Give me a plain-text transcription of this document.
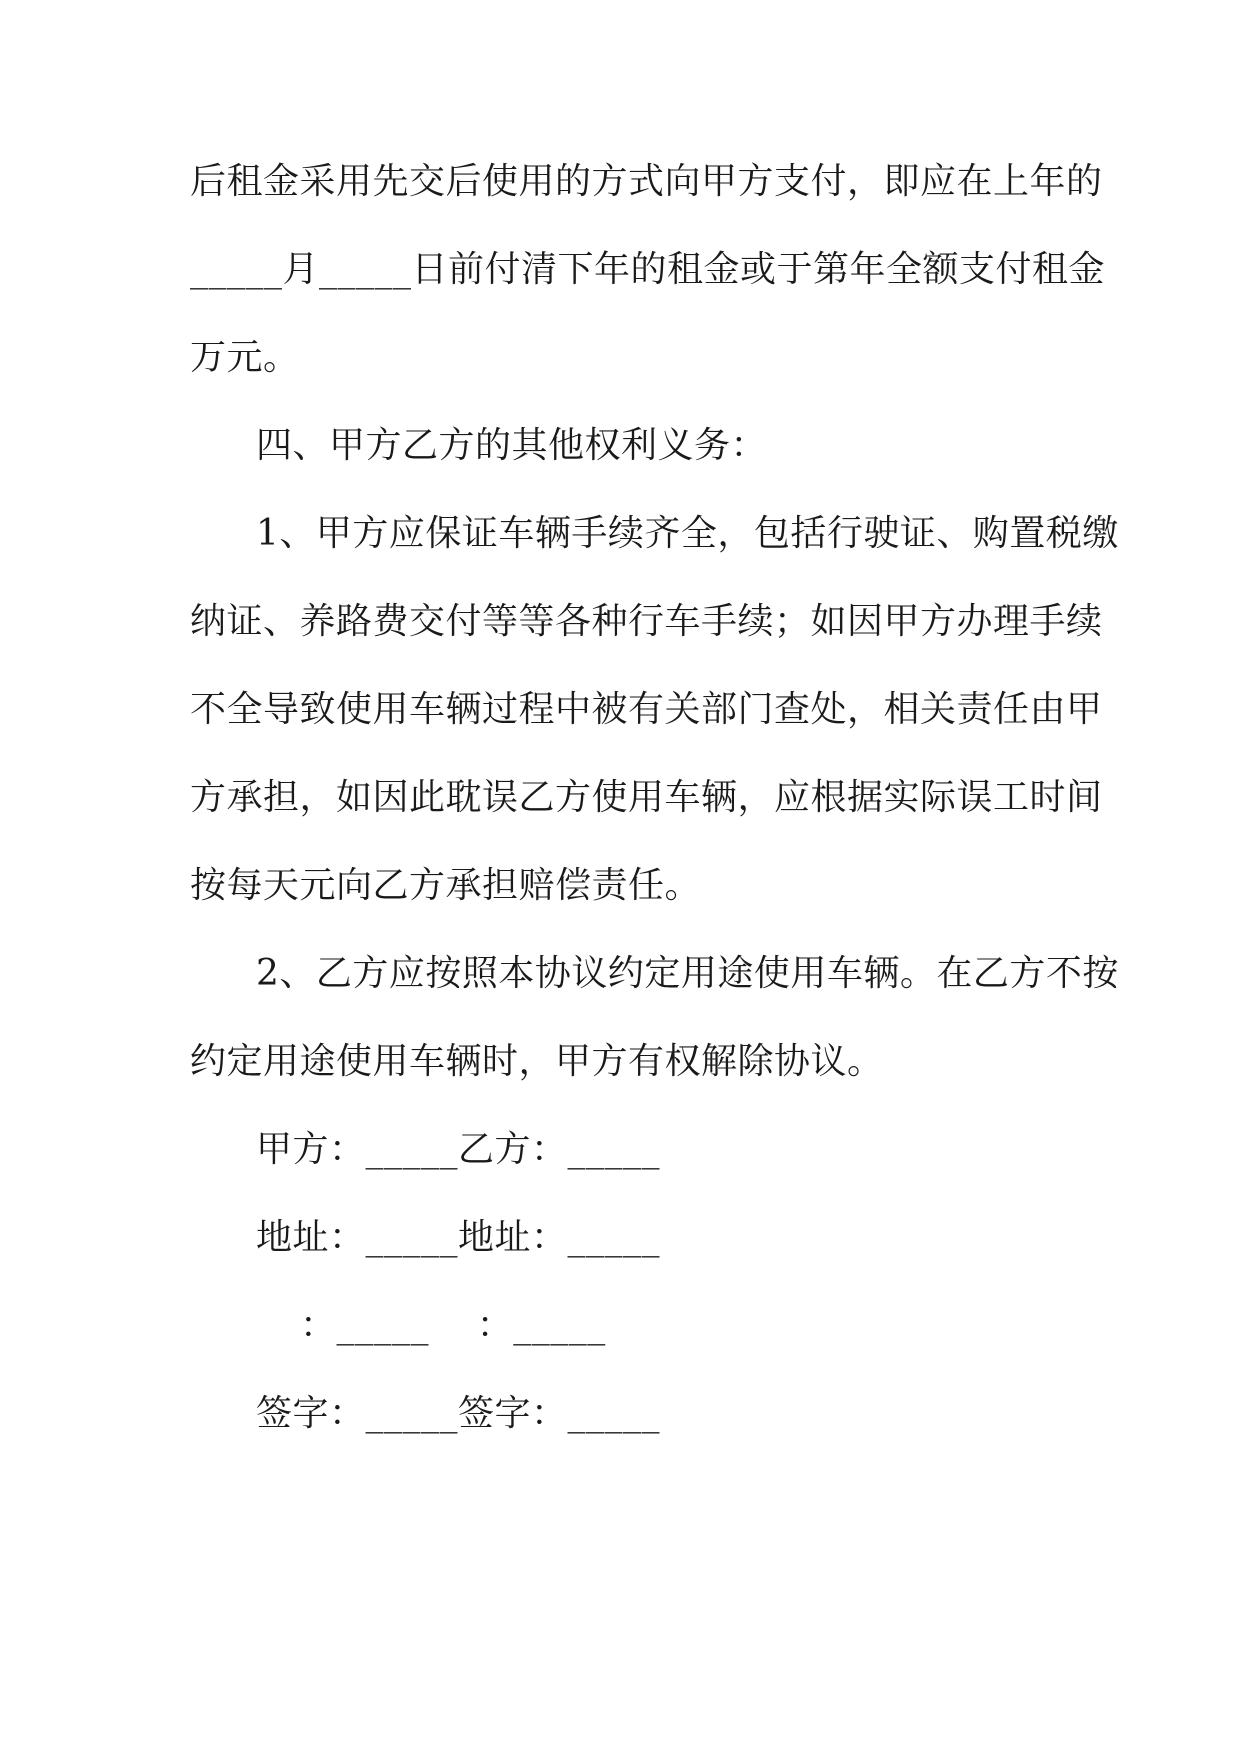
后租金采用先交后使用的方式向甲方支付，即应在上年的
_____月_____日前付清下年的租金或于第年全额支付租金
万元。
四、甲方乙方的其他权利义务：
1、甲方应保证车辆手续齐全，包括行驶证、购置税缴
纳证、养路费交付等等各种行车手续；如因甲方办理手续
不全导致使用车辆过程中被有关部门查处，相关责任由甲
方承担，如因此耽误乙方使用车辆，应根据实际误工时间
按每天元向乙方承担赔偿责任。
2、乙方应按照本协议约定用途使用车辆。在乙方不按
约定用途使用车辆时，甲方有权解除协议。
甲方：_____乙方：_____
地址：_____地址：_____
：_____    ：_____
签字：_____签字：_____
